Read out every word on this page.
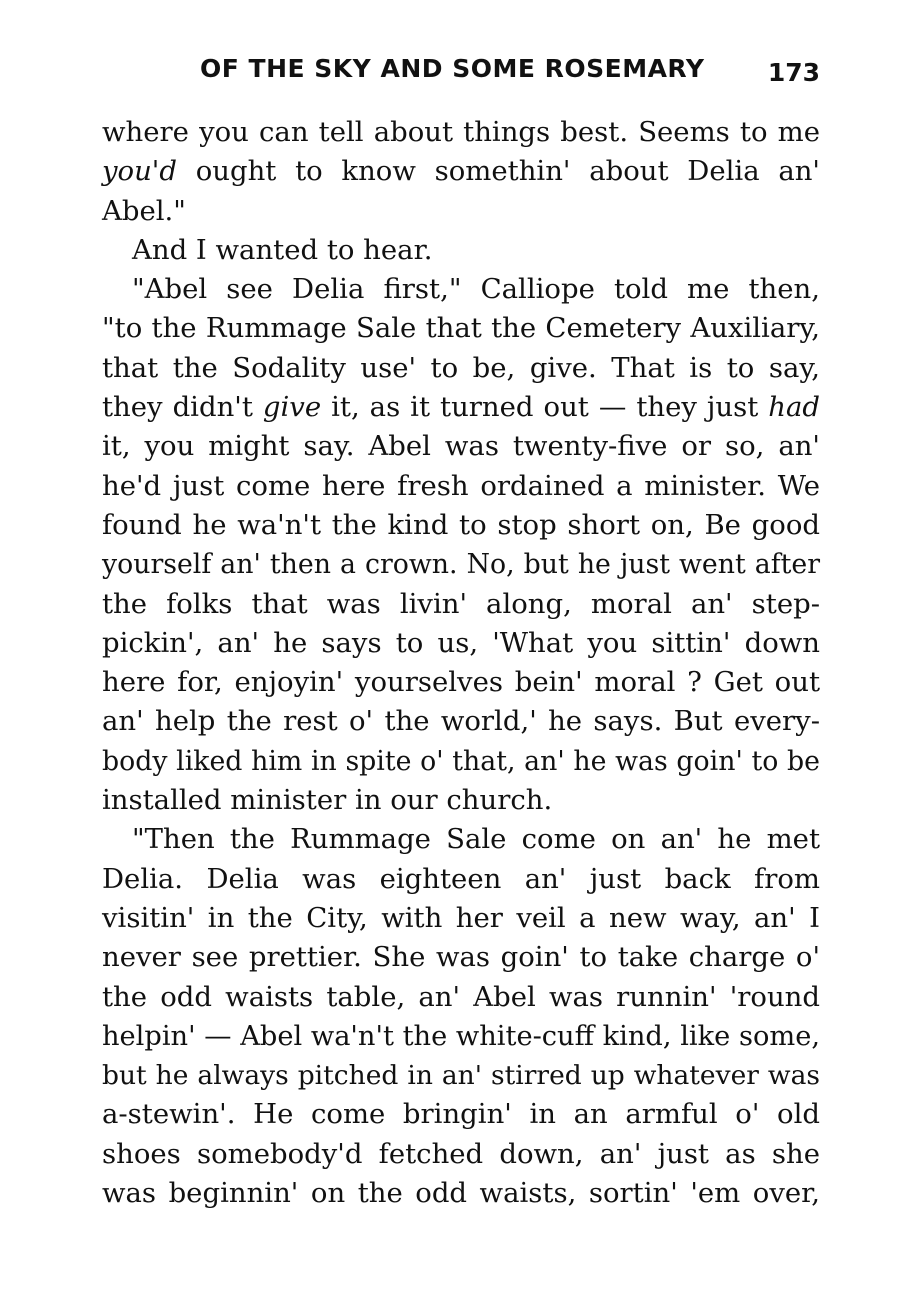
OF THE SKY AND SOME ROSEMARY	173
where you can tell about things best. Seems to me
you'd ought to know somethin' about Delia an'
Abel."
And I wanted to hear.
"Abel see Delia first," Calliope told me then,
"to the Rummage Sale that the Cemetery Auxiliary,
that the Sodality use' to be, give. That is to say,
they didn't give it, as it turned out — they just had
it, you might say. Abel was twenty-five or so, an'
he'd just come here fresh ordained a minister. We
found he wa'n't the kind to stop short on, Be good
yourself an' then a crown. No, but he just went after
the folks that was livin' along, moral an' step-
pickin', an' he says to us, 'What you sittin' down
here for, enjoyin' yourselves bein' moral ? Get out
an' help the rest o' the world,' he says. But every-
body liked him in spite o' that, an' he was goin' to be
installed minister in our church.
"Then the Rummage Sale come on an' he met
Delia. Delia was eighteen an' just back from
visitin' in the City, with her veil a new way, an' I
never see prettier. She was goin' to take charge o'
the odd waists table, an' Abel was runnin' 'round
helpin' — Abel wa'n't the white-cuff kind, like some,
but he always pitched in an' stirred up whatever was
a-stewin'. He come bringin' in an armful o' old
shoes somebody'd fetched down, an' just as she
was beginnin' on the odd waists, sortin' 'em over,
